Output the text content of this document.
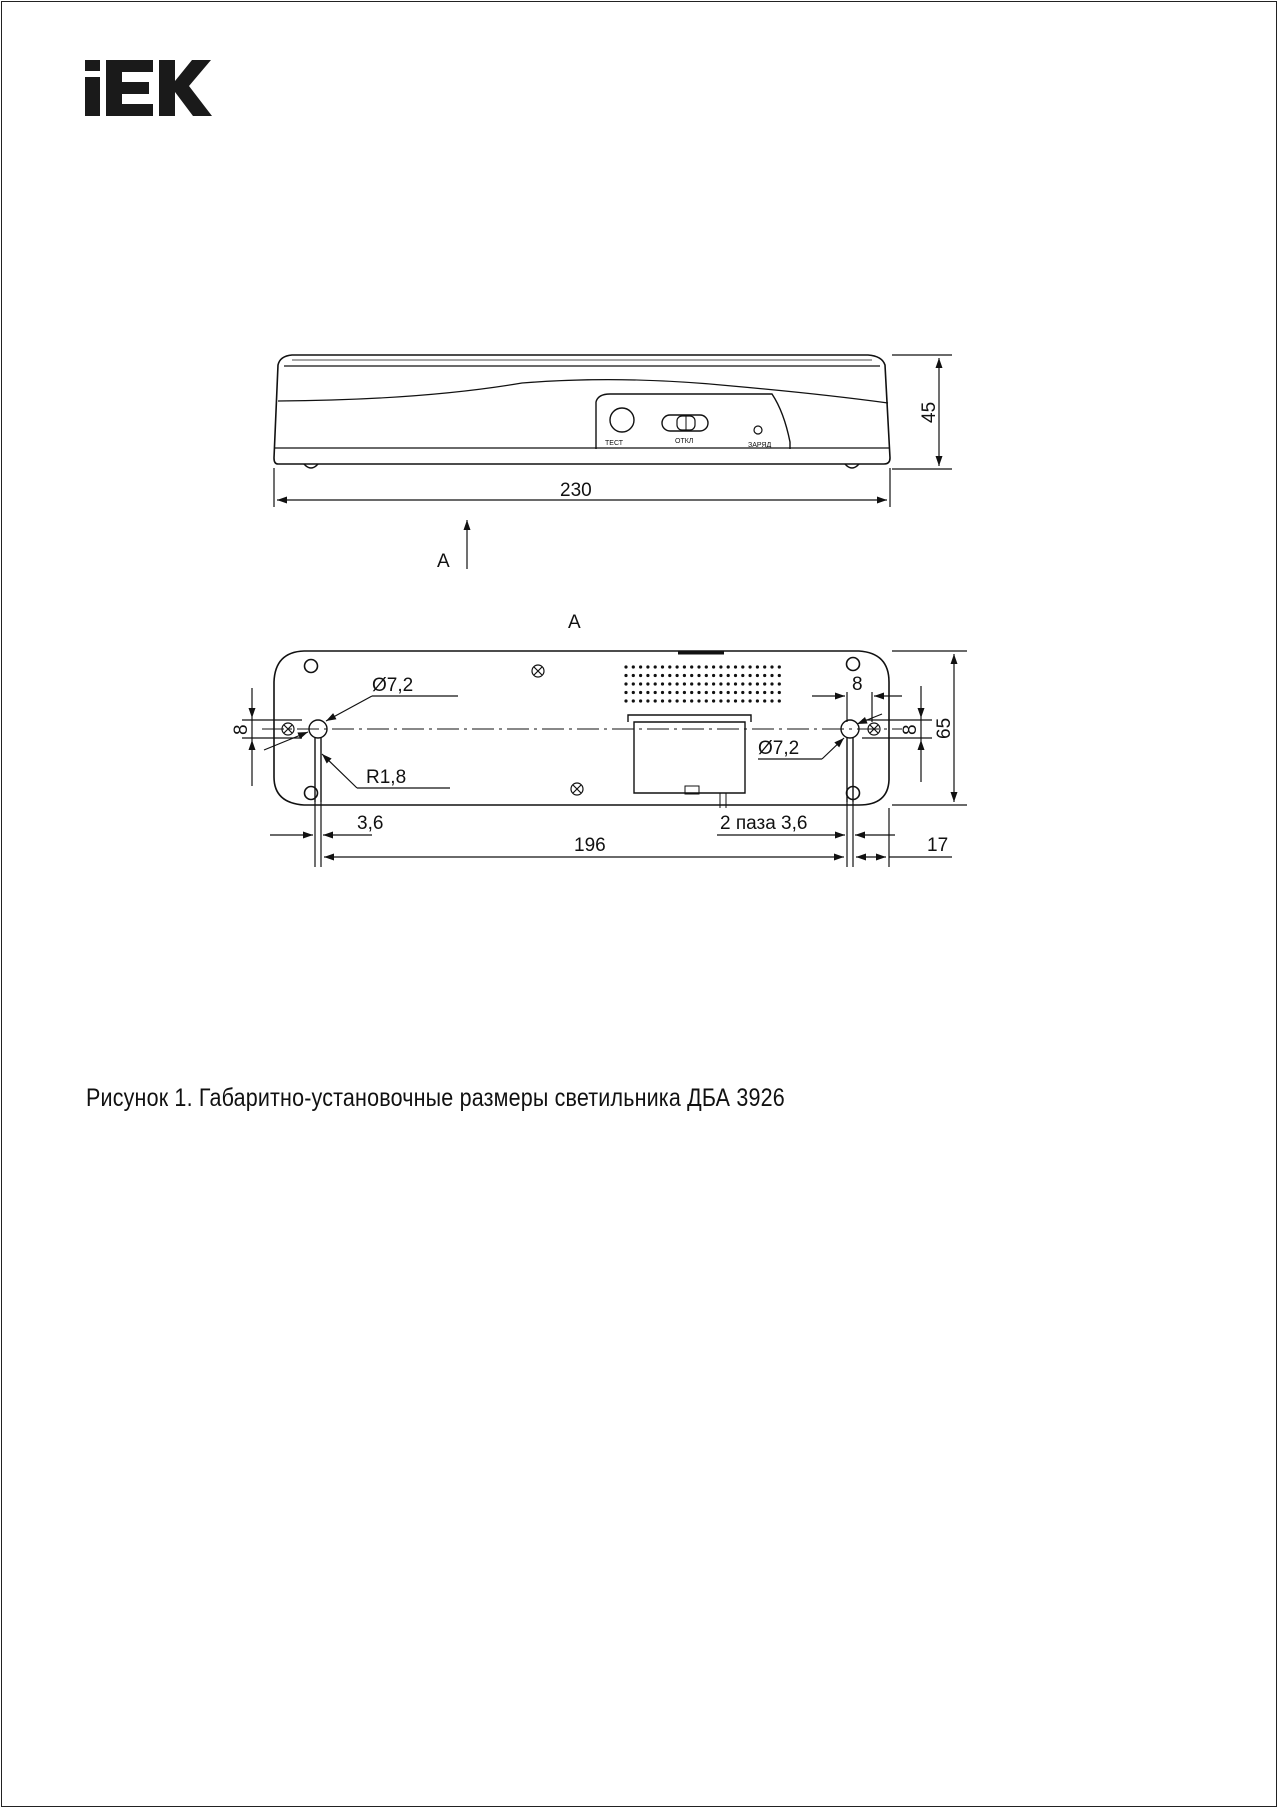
ТЕСТ	ОТКЛ
ЗАРЯД
45
230
A
A
Ø7,2
Ø7,2
R1,8
8	8
8
65
3,6	2 паза 3,6
196	17
Рисунок 1. Габаритно-установочные размеры светильника ДБА 3926
